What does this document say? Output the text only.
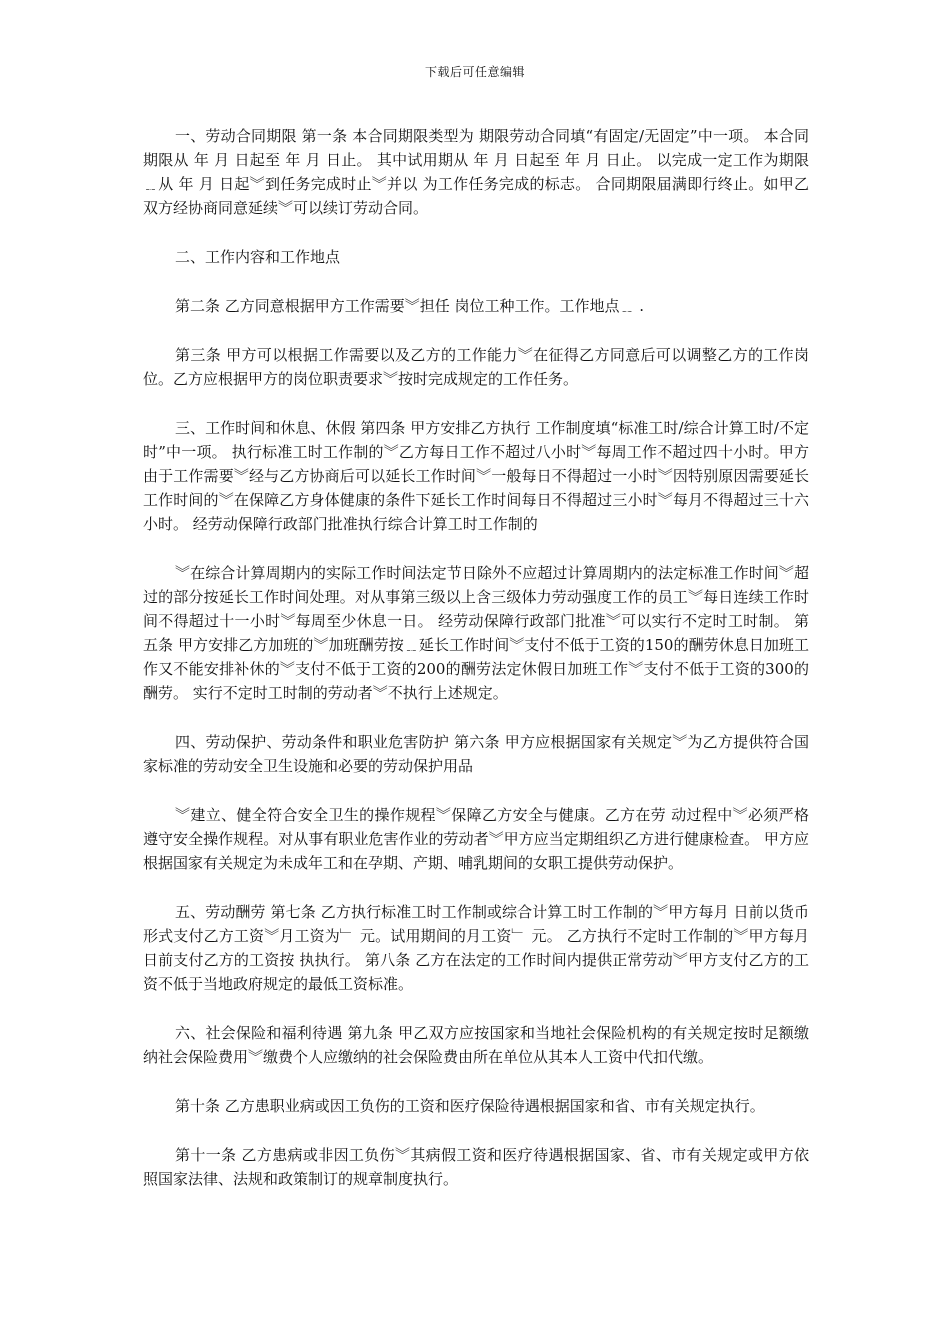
下载后可任意编辑

一、劳动合同期限 第一条 本合同期限类型为 期限劳动合同填“有固定/无固定”中一项。 本合同期限从 年 月 日起至 年 月 日止。 其中试用期从 年 月 日起至 年 月 日止。 以完成一定工作为期限﹎从 年 月 日起︾到任务完成时止︾并以 为工作任务完成的标志。 合同期限届满即行终止。如甲乙双方经协商同意延续︾可以续订劳动合同。

二、工作内容和工作地点

第二条 乙方同意根据甲方工作需要︾担任 岗位工种工作。工作地点﹎ .

第三条 甲方可以根据工作需要以及乙方的工作能力︾在征得乙方同意后可以调整乙方的工作岗位。乙方应根据甲方的岗位职责要求︾按时完成规定的工作任务。

三、工作时间和休息、休假 第四条 甲方安排乙方执行 工作制度填“标准工时/综合计算工时/不定时”中一项。 执行标准工时工作制的︾乙方每日工作不超过八小时︾每周工作不超过四十小时。甲方由于工作需要︾经与乙方协商后可以延长工作时间︾一般每日不得超过一小时︾因特别原因需要延长工作时间的︾在保障乙方身体健康的条件下延长工作时间每日不得超过三小时︾每月不得超过三十六小时。 经劳动保障行政部门批准执行综合计算工时工作制的

︾在综合计算周期内的实际工作时间法定节日除外不应超过计算周期内的法定标准工作时间︾超过的部分按延长工作时间处理。对从事第三级以上含三级体力劳动强度工作的员工︾每日连续工作时间不得超过十一小时︾每周至少休息一日。 经劳动保障行政部门批准︾可以实行不定时工时制。 第五条 甲方安排乙方加班的︾加班酬劳按﹎延长工作时间︾支付不低于工资的150的酬劳休息日加班工作又不能安排补休的︾支付不低于工资的200的酬劳法定休假日加班工作︾支付不低于工资的300的酬劳。 实行不定时工时制的劳动者︾不执行上述规定。

四、劳动保护、劳动条件和职业危害防护 第六条 甲方应根据国家有关规定︾为乙方提供符合国家标准的劳动安全卫生设施和必要的劳动保护用品

︾建立、健全符合安全卫生的操作规程︾保障乙方安全与健康。乙方在劳 动过程中︾必须严格遵守安全操作规程。对从事有职业危害作业的劳动者︾甲方应当定期组织乙方进行健康检查。 甲方应根据国家有关规定为未成年工和在孕期、产期、哺乳期间的女职工提供劳动保护。

五、劳动酬劳 第七条 乙方执行标准工时工作制或综合计算工时工作制的︾甲方每月 日前以货币形式支付乙方工资︾月工资为﹂ 元。试用期间的月工资﹂ 元。 乙方执行不定时工作制的︾甲方每月 日前支付乙方的工资按 执执行。 第八条 乙方在法定的工作时间内提供正常劳动︾甲方支付乙方的工资不低于当地政府规定的最低工资标准。

六、社会保险和福利待遇 第九条 甲乙双方应按国家和当地社会保险机构的有关规定按时足额缴纳社会保险费用︾缴费个人应缴纳的社会保险费由所在单位从其本人工资中代扣代缴。

第十条 乙方患职业病或因工负伤的工资和医疗保险待遇根据国家和省、市有关规定执行。

第十一条 乙方患病或非因工负伤︾其病假工资和医疗待遇根据国家、省、市有关规定或甲方依照国家法律、法规和政策制订的规章制度执行。
